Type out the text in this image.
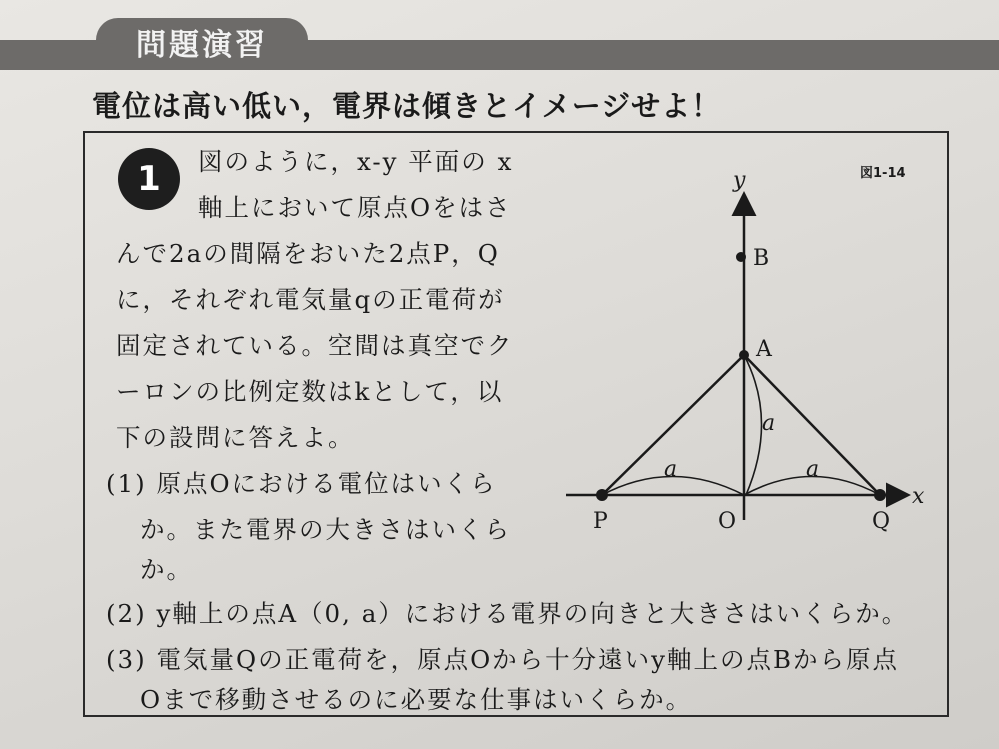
問題演習
電位は高い低い，電界は傾きとイメージせよ！
1	図のように，x-y 平面の x
軸上において原点Oをはさ
んで2aの間隔をおいた2点P，Q
に，それぞれ電気量qの正電荷が
固定されている。空間は真空でク
ーロンの比例定数はkとして，以
下の設問に答えよ。
(1) 原点Oにおける電位はいくら
か。また電界の大きさはいくら
か。
(2) y軸上の点A（0, a）における電界の向きと大きさはいくらか。
(3) 電気量Qの正電荷を，原点Oから十分遠いy軸上の点Bから原点
Oまで移動させるのに必要な仕事はいくらか。
図1-14
y
x
B
A
P	O	Q
a
a	a
